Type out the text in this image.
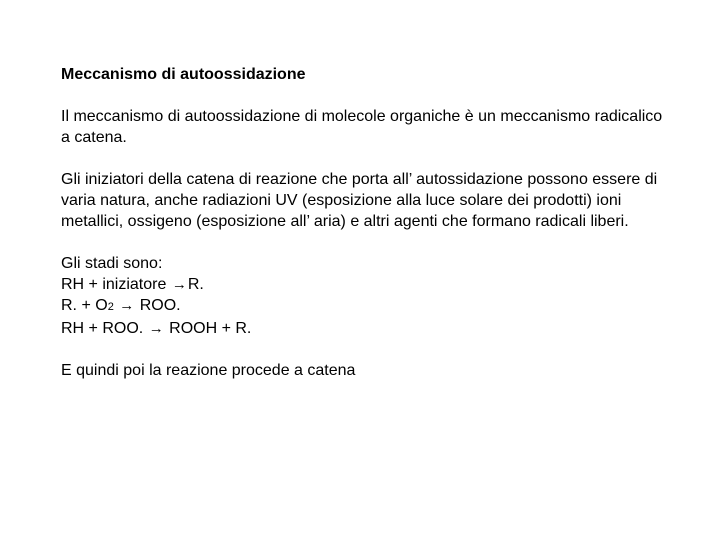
Meccanismo di autoossidazione

Il meccanismo di autoossidazione di molecole organiche è un meccanismo radicalico a catena.

Gli iniziatori della catena di reazione che porta all’ autossidazione possono essere di varia natura, anche radiazioni UV (esposizione alla luce solare dei prodotti) ioni metallici, ossigeno (esposizione all’ aria) e altri agenti che formano radicali liberi.

Gli stadi sono:

RH + iniziatore →R.
R. + O2 → ROO.
RH + ROO. → ROOH + R.

E quindi poi la reazione procede a catena
